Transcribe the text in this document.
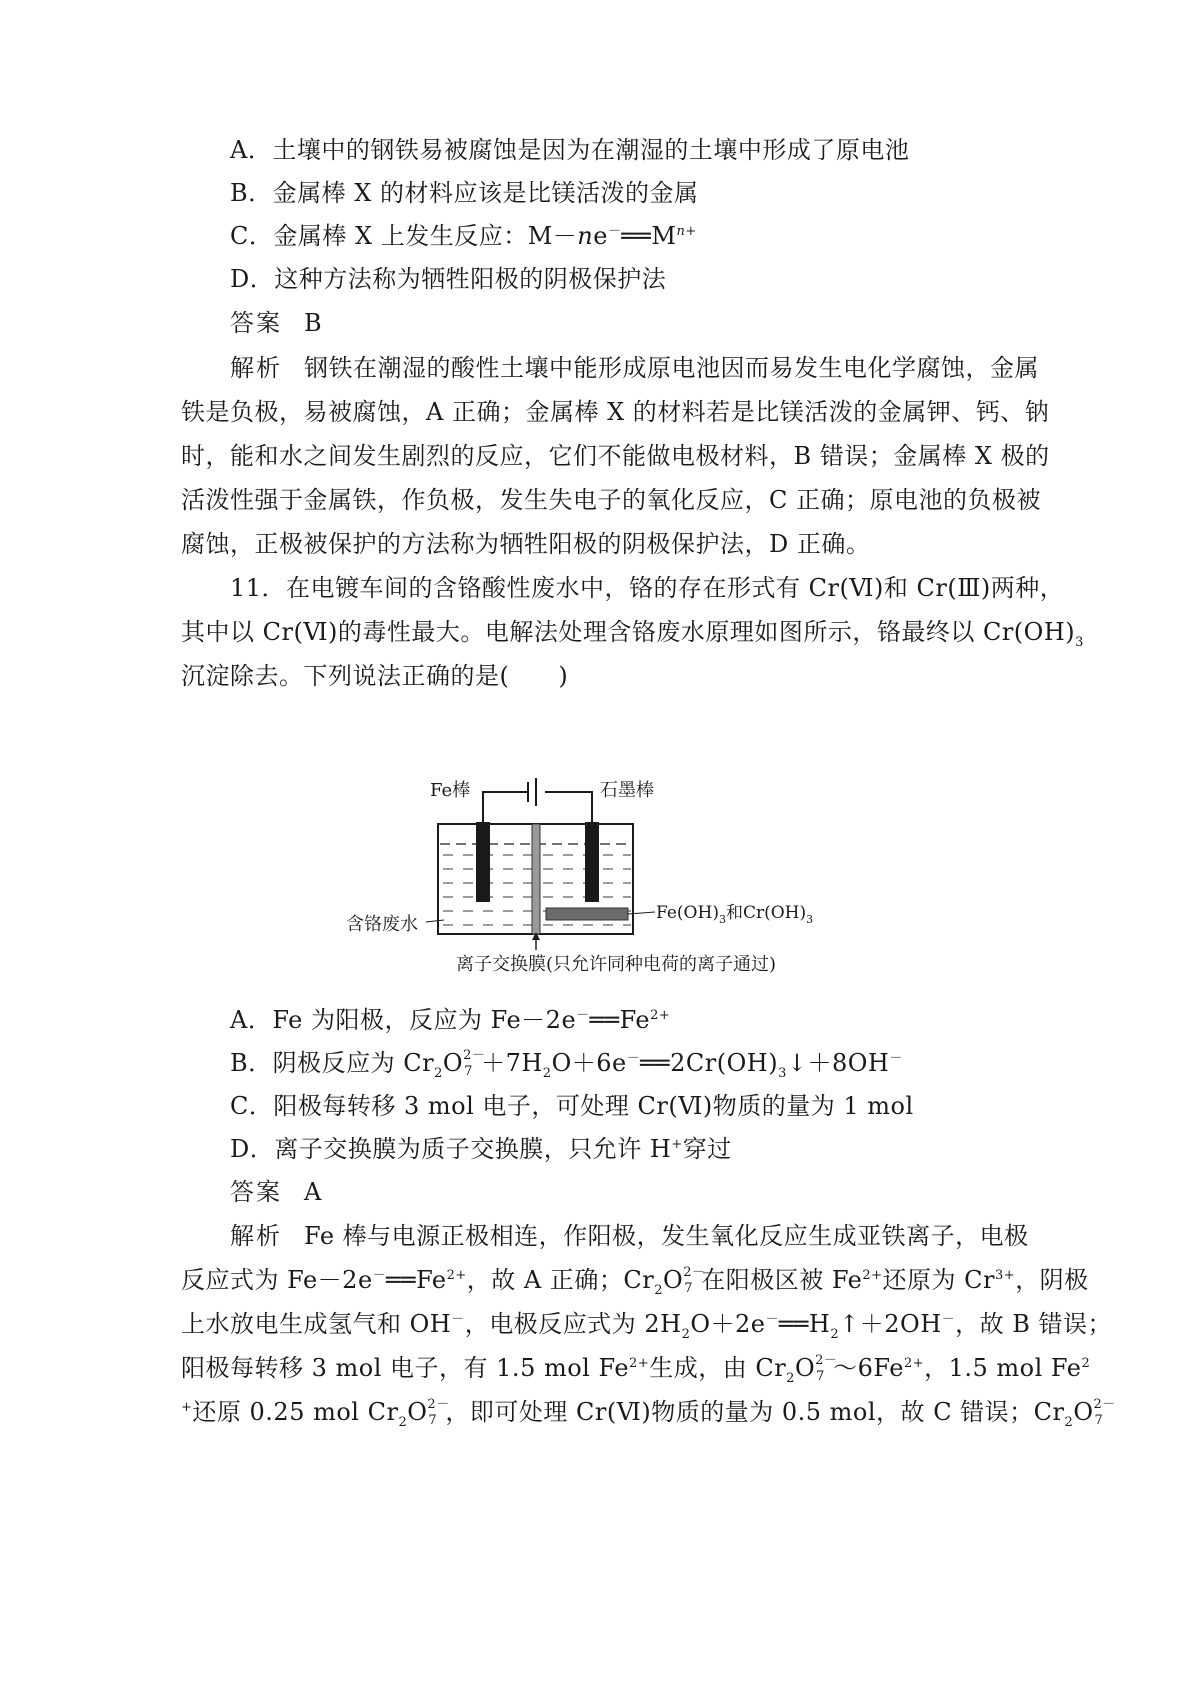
A．土壤中的钢铁易被腐蚀是因为在潮湿的土壤中形成了原电池
B．金属棒 X 的材料应该是比镁活泼的金属
C．金属棒 X 上发生反应：$M-ne^-══M^{n+}$
D．这种方法称为牺牲阳极的阴极保护法
答案 B
解析 钢铁在潮湿的酸性土壤中能形成原电池因而易发生电化学腐蚀，金属
铁是负极，易被腐蚀，A 正确；金属棒 X 的材料若是比镁活泼的金属钾、钙、钠
时，能和水之间发生剧烈的反应，它们不能做电极材料，B 错误；金属棒 X 极的
活泼性强于金属铁，作负极，发生失电子的氧化反应，C 正确；原电池的负极被
腐蚀，正极被保护的方法称为牺牲阳极的阴极保护法，D 正确。
11．在电镀车间的含铬酸性废水中，铬的存在形式有 Cr(Ⅵ)和 Cr(Ⅲ)两种，
其中以 Cr(Ⅵ)的毒性最大。电解法处理含铬废水原理如图所示，铬最终以 $Cr(OH)_3$
沉淀除去。下列说法正确的是(　　)
Fe棒	石墨棒
含铬废水
$Fe(OH)_3$和$Cr(OH)_3$
离子交换膜(只允许同种电荷的离子通过)
A．Fe 为阳极，反应为 $Fe-2e^-══Fe^{2+}$
B．阴极反应为 $Cr_2O$ 2－
$7 +7H_2O+6e^-══2Cr(OH)_3↓+8OH^-$
C．阳极每转移 3 mol 电子，可处理 Cr(Ⅵ)物质的量为 1 mol
D．离子交换膜为质子交换膜，只允许 H+穿过
答案 A
解析 Fe 棒与电源正极相连，作阳极，发生氧化反应生成亚铁离子，电极
反应式为 $Fe-2e^-══Fe^{2+}$，故 A 正确；$Cr_2O$ 2－
7 在阳极区被 $Fe^{2+}$还原为 $Cr^{3+}$，阴极
上水放电生成氢气和 OH－，电极反应式为 $2H_2O+2e^-══H_2↑+2OH^-$，故 B 错误；
阳极每转移 3 mol 电子，有 1.5 mol $Fe^{2+}$生成，由 $Cr_2O$ 2－
7 $\sim 6Fe^{2+}$，1.5 mol Fe$^2$
+还原 0.25 mol $Cr_2O$ 2－
7 ，即可处理 Cr(Ⅵ)物质的量为 0.5 mol，故 C 错误；$Cr_2O$ 2－
7
